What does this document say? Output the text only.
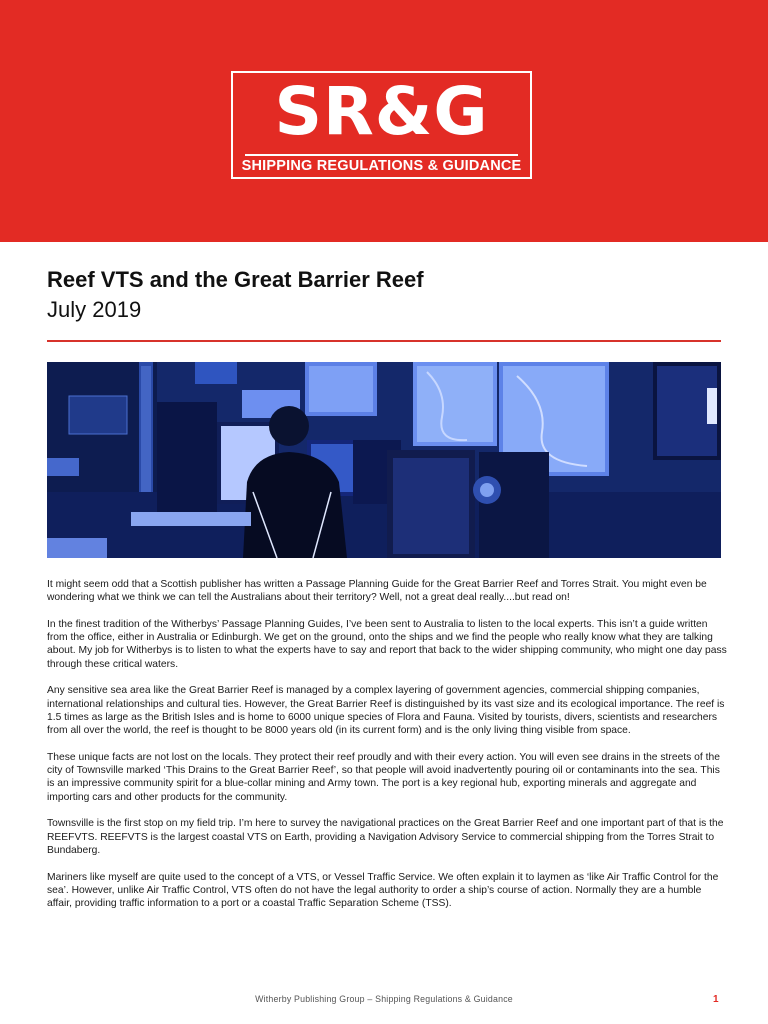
SR&G
SHIPPING REGULATIONS & GUIDANCE
Reef VTS and the Great Barrier Reef
July 2019

It might seem odd that a Scottish publisher has written a Passage Planning Guide for the Great Barrier Reef and Torres Strait. You might even be wondering what we think we can tell the Australians about their territory? Well, not a great deal really....but read on!

In the finest tradition of the Witherbys’ Passage Planning Guides, I’ve been sent to Australia to listen to the local experts. This isn’t a guide written from the office, either in Australia or Edinburgh. We get on the ground, onto the ships and we find the people who really know what they are talking about. My job for Witherbys is to listen to what the experts have to say and report that back to the wider shipping community, who might one day pass through these critical waters.

Any sensitive sea area like the Great Barrier Reef is managed by a complex layering of government agencies, commercial shipping companies, international relationships and cultural ties. However, the Great Barrier Reef is distinguished by its vast size and its ecological importance. The reef is 1.5 times as large as the British Isles and is home to 6000 unique species of Flora and Fauna. Visited by tourists, divers, scientists and researchers from all over the world, the reef is thought to be 8000 years old (in its current form) and is the only living thing visible from space.

These unique facts are not lost on the locals. They protect their reef proudly and with their every action. You will even see drains in the streets of the city of Townsville marked ‘This Drains to the Great Barrier Reef’, so that people will avoid inadvertently pouring oil or contaminants into the sea. This is an impressive community spirit for a blue-collar mining and Army town. The port is a key regional hub, exporting minerals and aggregate and importing cars and other products for the community.

Townsville is the first stop on my field trip. I’m here to survey the navigational practices on the Great Barrier Reef and one important part of that is the REEFVTS. REEFVTS is the largest coastal VTS on Earth, providing a Navigation Advisory Service to commercial shipping from the Torres Strait to Bundaberg.

Mariners like myself are quite used to the concept of a VTS, or Vessel Traffic Service. We often explain it to laymen as ‘like Air Traffic Control for the sea’. However, unlike Air Traffic Control, VTS often do not have the legal authority to order a ship’s course of action. Normally they are a humble affair, providing traffic information to a port or a coastal Traffic Separation Scheme (TSS).

Witherby Publishing Group – Shipping Regulations & Guidance	1
